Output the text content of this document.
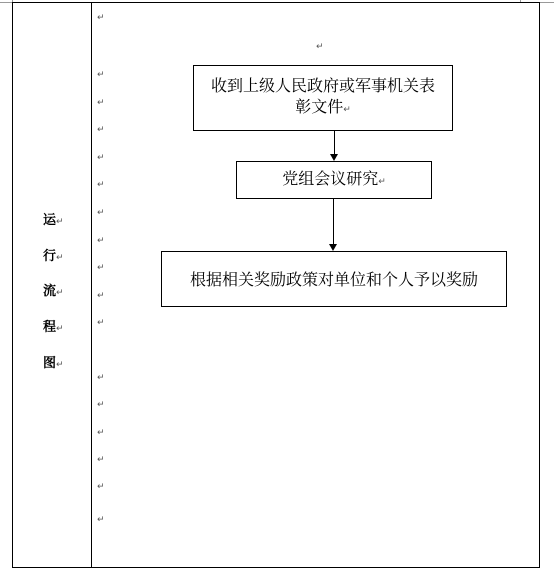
运↵
行↵
流↵
程↵
图↵
↵
↵
↵
↵
↵
↵
↵
↵
↵
↵
↵
↵
↵
↵
↵
↵
↵
↵
收到上级人民政府或军事机关表彰文件↵
党组会议研究↵
根据相关奖励政策对单位和个人予以奖励
